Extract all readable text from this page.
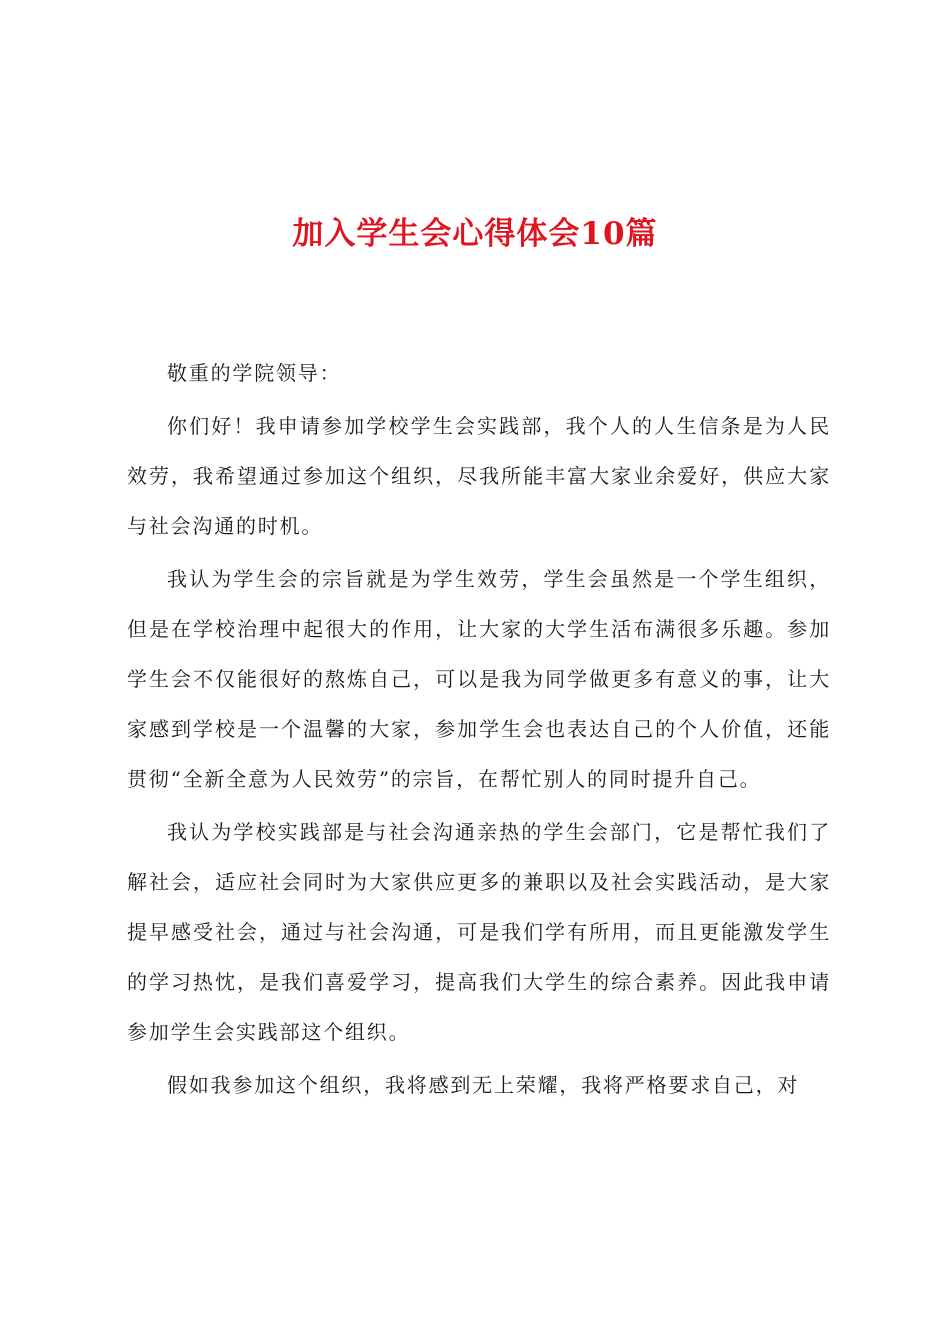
加入学生会心得体会10篇

敬重的学院领导：

你们好！我申请参加学校学生会实践部，我个人的人生信条是为人民效劳，我希望通过参加这个组织，尽我所能丰富大家业余爱好，供应大家与社会沟通的时机。

我认为学生会的宗旨就是为学生效劳，学生会虽然是一个学生组织，但是在学校治理中起很大的作用，让大家的大学生活布满很多乐趣。参加学生会不仅能很好的熬炼自己，可以是我为同学做更多有意义的事，让大家感到学校是一个温馨的大家，参加学生会也表达自己的个人价值，还能贯彻“全新全意为人民效劳”的宗旨，在帮忙别人的同时提升自己。

我认为学校实践部是与社会沟通亲热的学生会部门，它是帮忙我们了解社会，适应社会同时为大家供应更多的兼职以及社会实践活动，是大家提早感受社会，通过与社会沟通，可是我们学有所用，而且更能激发学生的学习热忱，是我们喜爱学习，提高我们大学生的综合素养。因此我申请参加学生会实践部这个组织。

假如我参加这个组织，我将感到无上荣耀，我将严格要求自己，对
